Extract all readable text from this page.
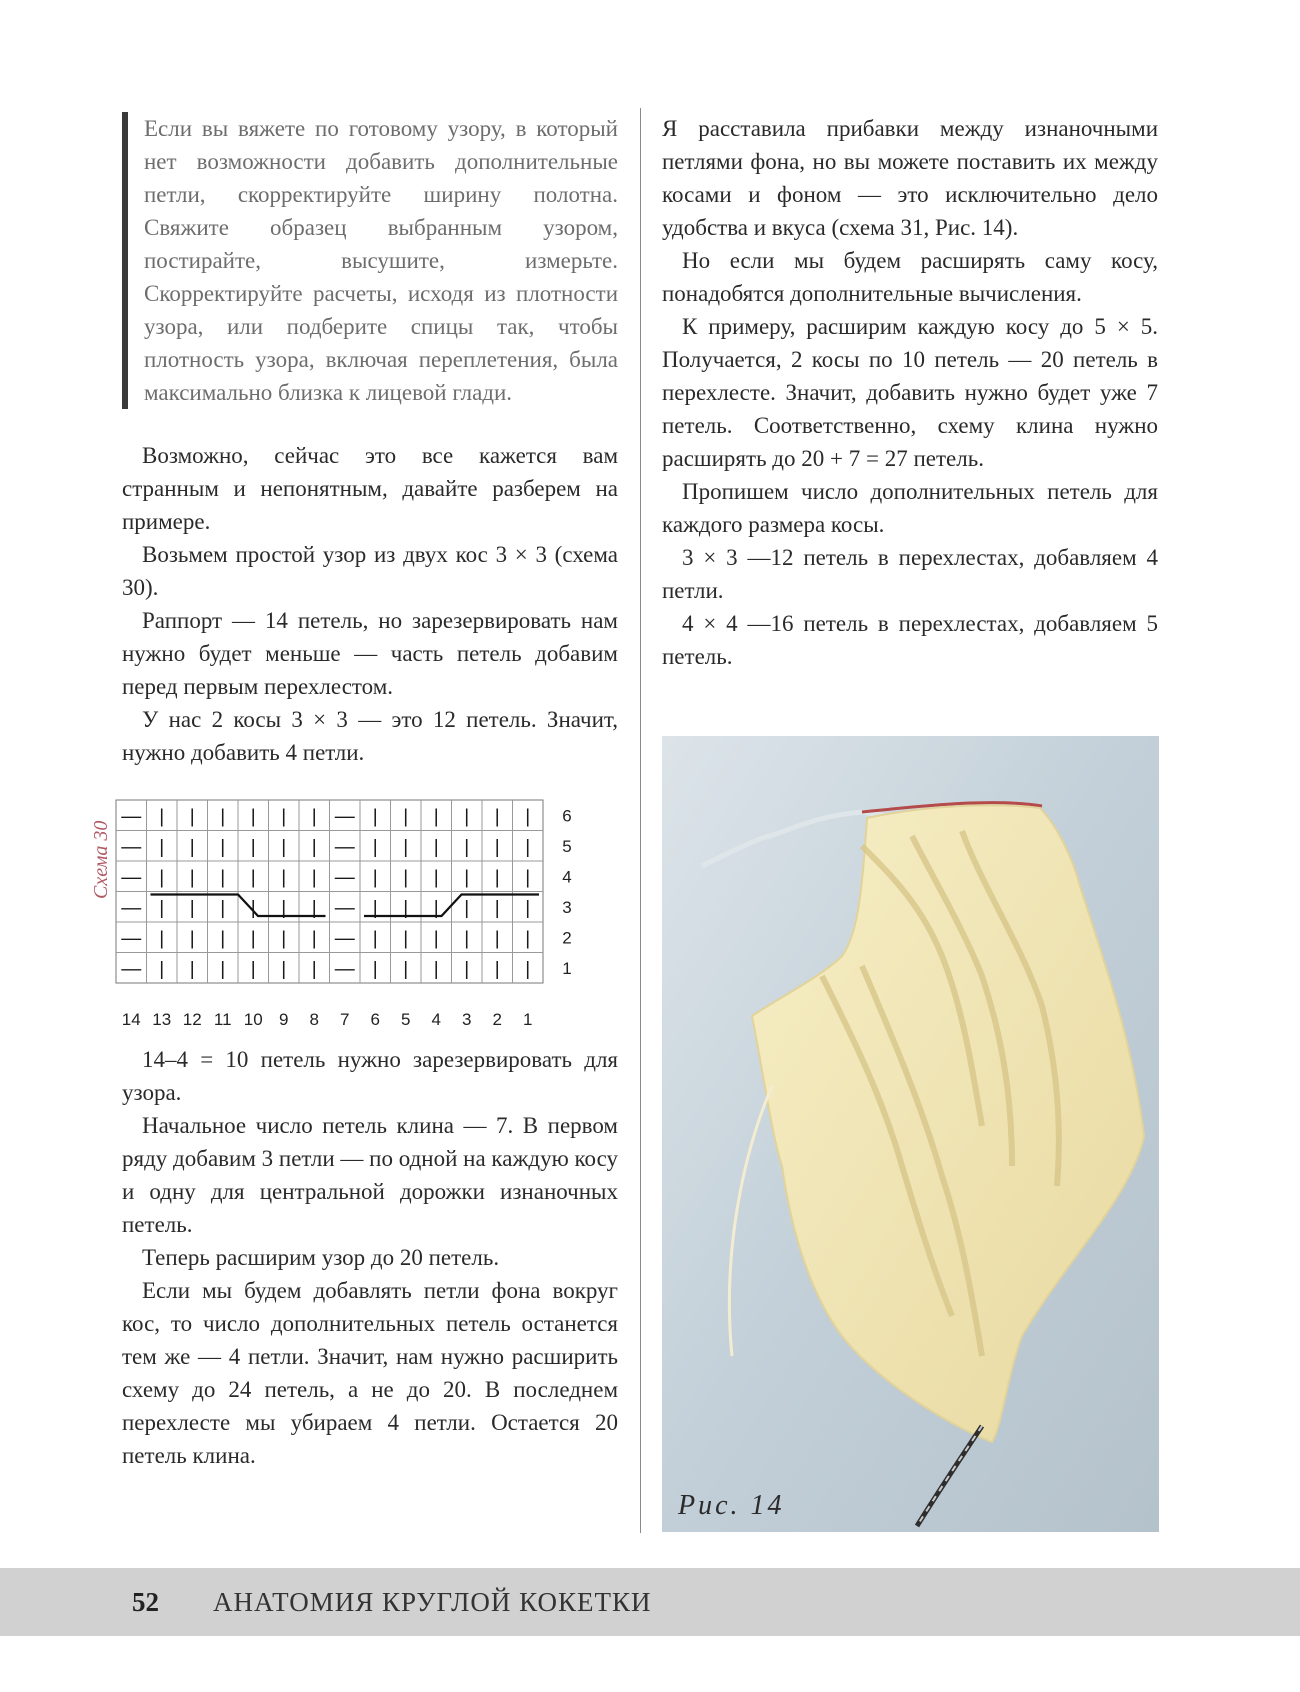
Если вы вяжете по готовому узору, в который нет возможности добавить дополнительные петли, скорректируйте ширину полотна. Свяжите образец выбранным узором, постирайте, высушите, измерьте. Скорректируйте расчеты, исходя из плотности узора, или подберите спицы так, чтобы плотность узора, включая переплетения, была максимально близка к лицевой глади.

Возможно, сейчас это все кажется вам странным и непонятным, давайте разберем на примере.

Возьмем простой узор из двух кос 3 × 3 (схема 30).

Раппорт — 14 петель, но зарезервировать нам нужно будет меньше — часть петель добавим перед первым перехлестом.

У нас 2 косы 3 × 3 — это 12 петель. Значит, нужно добавить 4 петли.

14–4 = 10 петель нужно зарезервировать для узора.

Начальное число петель клина — 7. В первом ряду добавим 3 петли — по одной на каждую косу и одну для центральной дорожки изнаночных петель.

Теперь расширим узор до 20 петель.

Если мы будем добавлять петли фона вокруг кос, то число дополнительных петель останется тем же — 4 петли. Значит, нам нужно расширить схему до 24 петель, а не до 20. В последнем перехлесте мы убираем 4 петли. Остается 20 петель клина.

Схема 30
— | | | | | | — | | | | | |
— | | | | | | — | | | | | |
— | | | | | | — | | | | | |
— | | | | | | — | | | | | |
— | | | | | | — | | | | | |
— | | | | | | — | | | | | |
6
5
4
3
2
1
14 13 12 11 10 9 8 7 6 5 4 3 2 1

Я расставила прибавки между изнаночными петлями фона, но вы можете поставить их между косами и фоном — это исключительно дело удобства и вкуса (схема 31, Рис. 14).

Но если мы будем расширять саму косу, понадобятся дополнительные вычисления.

К примеру, расширим каждую косу до 5 × 5. Получается, 2 косы по 10 петель — 20 петель в перехлесте. Значит, добавить нужно будет уже 7 петель. Соответственно, схему клина нужно расширять до 20 + 7 = 27 петель.

Пропишем число дополнительных петель для каждого размера косы.

3 × 3 —12 петель в перехлестах, добавляем 4 петли.

4 × 4 —16 петель в перехлестах, добавляем 5 петель.

Рис. 14
52 АНАТОМИЯ КРУГЛОЙ КОКЕТКИ
